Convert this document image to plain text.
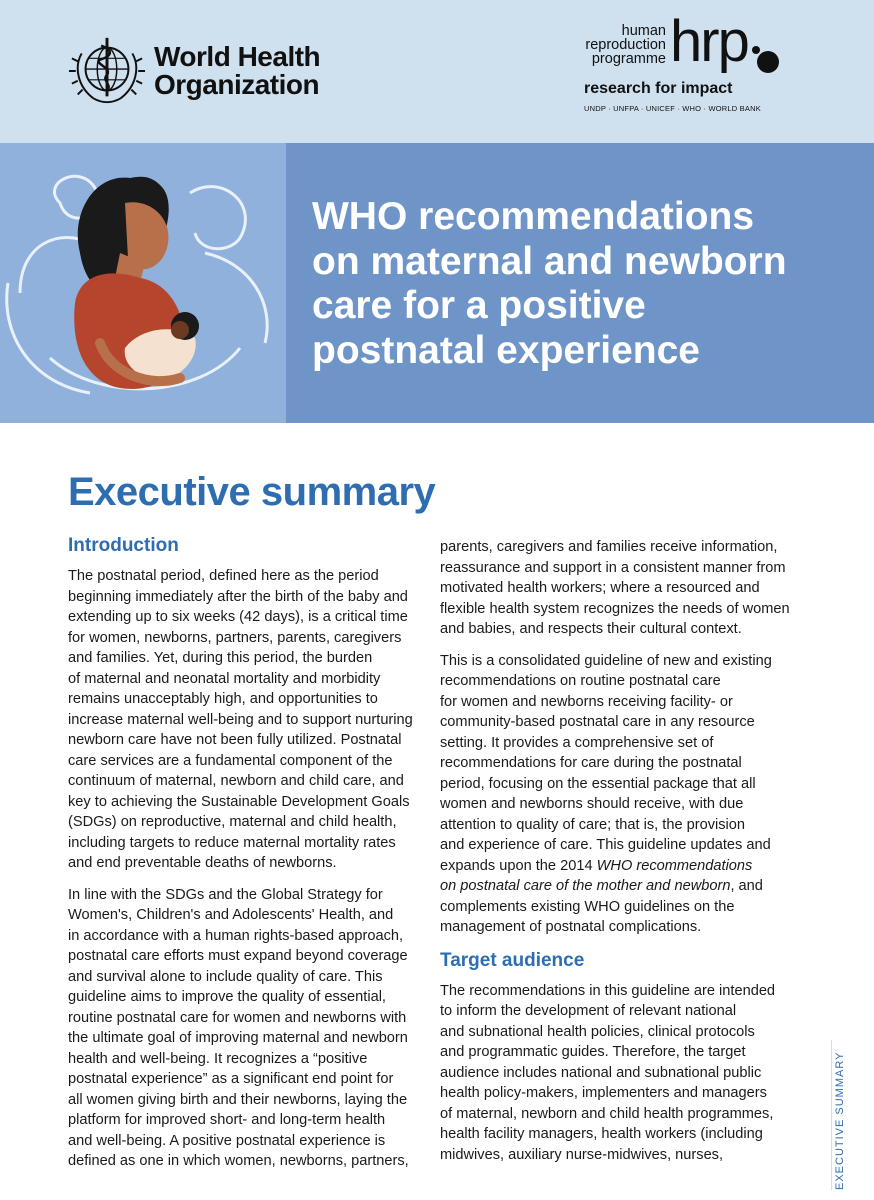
World Health
Organization
human
reproduction
programme hrp
research for impact
UNDP · UNFPA · UNICEF · WHO · WORLD BANK
WHO recommendations
on maternal and newborn
care for a positive
postnatal experience
Executive summary
Introduction

The postnatal period, defined here as the period
beginning immediately after the birth of the baby and
extending up to six weeks (42 days), is a critical time
for women, newborns, partners, parents, caregivers
and families. Yet, during this period, the burden
of maternal and neonatal mortality and morbidity
remains unacceptably high, and opportunities to
increase maternal well-being and to support nurturing
newborn care have not been fully utilized. Postnatal
care services are a fundamental component of the
continuum of maternal, newborn and child care, and
key to achieving the Sustainable Development Goals
(SDGs) on reproductive, maternal and child health,
including targets to reduce maternal mortality rates
and end preventable deaths of newborns.

In line with the SDGs and the Global Strategy for
Women's, Children's and Adolescents' Health, and
in accordance with a human rights-based approach,
postnatal care efforts must expand beyond coverage
and survival alone to include quality of care. This
guideline aims to improve the quality of essential,
routine postnatal care for women and newborns with
the ultimate goal of improving maternal and newborn
health and well-being. It recognizes a “positive
postnatal experience” as a significant end point for
all women giving birth and their newborns, laying the
platform for improved short- and long-term health
and well-being. A positive postnatal experience is
defined as one in which women, newborns, partners,

parents, caregivers and families receive information,
reassurance and support in a consistent manner from
motivated health workers; where a resourced and
flexible health system recognizes the needs of women
and babies, and respects their cultural context.

This is a consolidated guideline of new and existing
recommendations on routine postnatal care
for women and newborns receiving facility- or
community-based postnatal care in any resource
setting. It provides a comprehensive set of
recommendations for care during the postnatal
period, focusing on the essential package that all
women and newborns should receive, with due
attention to quality of care; that is, the provision
and experience of care. This guideline updates and
expands upon the 2014 WHO recommendations
on postnatal care of the mother and newborn, and
complements existing WHO guidelines on the
management of postnatal complications.

Target audience

The recommendations in this guideline are intended
to inform the development of relevant national
and subnational health policies, clinical protocols
and programmatic guides. Therefore, the target
audience includes national and subnational public
health policy-makers, implementers and managers
of maternal, newborn and child health programmes,
health facility managers, health workers (including
midwives, auxiliary nurse-midwives, nurses,	EXECUTIVE SUMMARY
